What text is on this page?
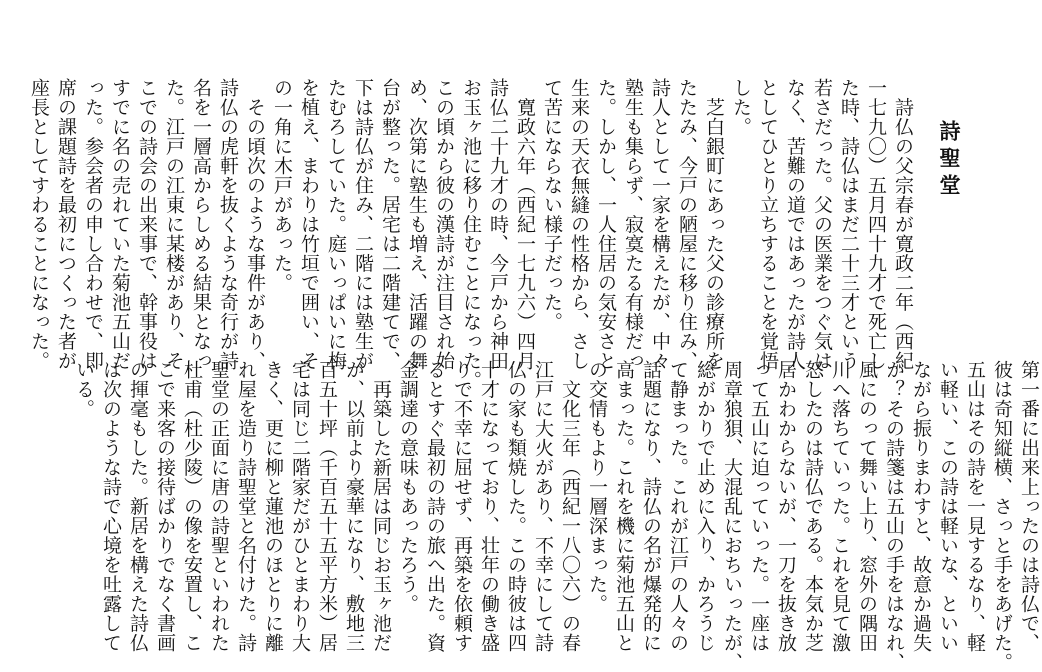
詩聖堂
　詩仏の父宗春が寛政二年（西紀
一七九〇）五月四十九才で死亡し
た時、詩仏はまだ二十三才という
若さだった。父の医業をつぐ気は
なく、苦難の道ではあったが詩人
としてひとり立ちすることを覚悟
した。
　芝白銀町にあった父の診療所を
たたみ、今戸の陋屋に移り住み、
詩人として一家を構えたが、中々
塾生も集らず、寂寞たる有様だっ
た。しかし、一人住居の気安さと
生来の天衣無縫の性格から、さし
て苦にならない様子だった。
　寛政六年（西紀一七九六）四月
詩仏二十九才の時、今戸から神田
お玉ヶ池に移り住むことになった。
この頃から彼の漢詩が注目され始
め、次第に塾生も増え、活躍の舞
台が整った。居宅は二階建てで、
下は詩仏が住み、二階には塾生が
たむろしていた。庭いっぱいに梅
を植え、まわりは竹垣で囲い、そ
の一角に木戸があった。
　その頃次のような事件があり、
詩仏の虎軒を抜くような奇行が詩
名を一層高からしめる結果となっ
た。江戸の江東に某楼があり、そ
こでの詩会の出来事で、幹事役は
すでに名の売れていた菊池五山だ
った。参会者の申し合わせで、即
席の課題詩を最初につくった者が
座長としてすわることになった。
第一番に出来上ったのは詩仏で、
彼は奇知縦横、さっと手をあげた。
五山はその詩を一見するなり、軽
い軽い、この詩は軽いな、といい
ながら振りまわすと、故意か過失
か？その詩箋は五山の手をはなれ、
風にのって舞い上り、窓外の隅田
川へ落ちていった。これを見て激
怒したのは詩仏である。本気か芝
居かわからないが、一刀を抜き放
って五山に迫っていった。一座は
周章狼狽、大混乱におちいったが、
総がかりで止めに入り、かろうじ
て静まった。これが江戸の人々の
話題になり、詩仏の名が爆発的に
高まった。これを機に菊池五山と
の交情もより一層深まった。
　文化三年（西紀一八〇六）の春
江戸に大火があり、不幸にして詩
仏の家も類焼した。この時彼は四
十才になっており、壮年の働き盛
りで不幸に屈せず、再築を依頼す
るとすぐ最初の詩の旅へ出た。資
金調達の意味もあったろう。
　再築した新居は同じお玉ヶ池だ
が、以前より豪華になり、敷地三
百五十坪（千百五十五平方米）居
宅は同じ二階家だがひとまわり大
きく、更に柳と蓮池のほとりに離
れ屋を造り詩聖堂と名付けた。詩
聖堂の正面に唐の詩聖といわれた
杜甫（杜少陵）の像を安置し、こ
こで来客の接待ばかりでなく書画
の揮毫もした。新居を構えた詩仏
は次のような詩で心境を吐露して
いる。
